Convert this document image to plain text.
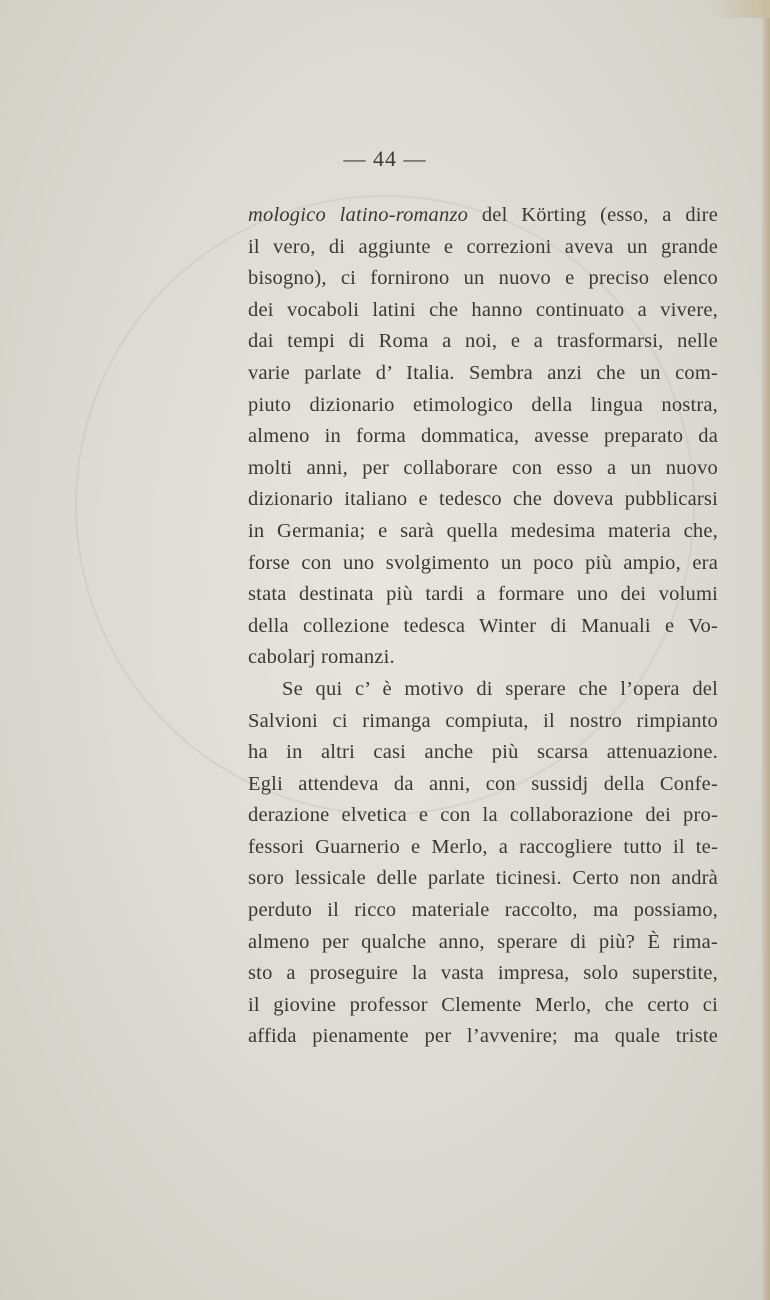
— 44 —
mologico latino-romanzo del Körting (esso, a dire
il vero, di aggiunte e correzioni aveva un grande
bisogno), ci fornirono un nuovo e preciso elenco
dei vocaboli latini che hanno continuato a vivere,
dai tempi di Roma a noi, e a trasformarsi, nelle
varie parlate d’ Italia. Sembra anzi che un com-
piuto dizionario etimologico della lingua nostra,
almeno in forma dommatica, avesse preparato da
molti anni, per collaborare con esso a un nuovo
dizionario italiano e tedesco che doveva pubblicarsi
in Germania; e sarà quella medesima materia che,
forse con uno svolgimento un poco più ampio, era
stata destinata più tardi a formare uno dei volumi
della collezione tedesca Winter di Manuali e Vo-
cabolarj romanzi.
Se qui c’ è motivo di sperare che l’opera del
Salvioni ci rimanga compiuta, il nostro rimpianto
ha in altri casi anche più scarsa attenuazione.
Egli attendeva da anni, con sussidj della Confe-
derazione elvetica e con la collaborazione dei pro-
fessori Guarnerio e Merlo, a raccogliere tutto il te-
soro lessicale delle parlate ticinesi. Certo non andrà
perduto il ricco materiale raccolto, ma possiamo,
almeno per qualche anno, sperare di più? È rima-
sto a proseguire la vasta impresa, solo superstite,
il giovine professor Clemente Merlo, che certo ci
affida pienamente per l’avvenire; ma quale triste
